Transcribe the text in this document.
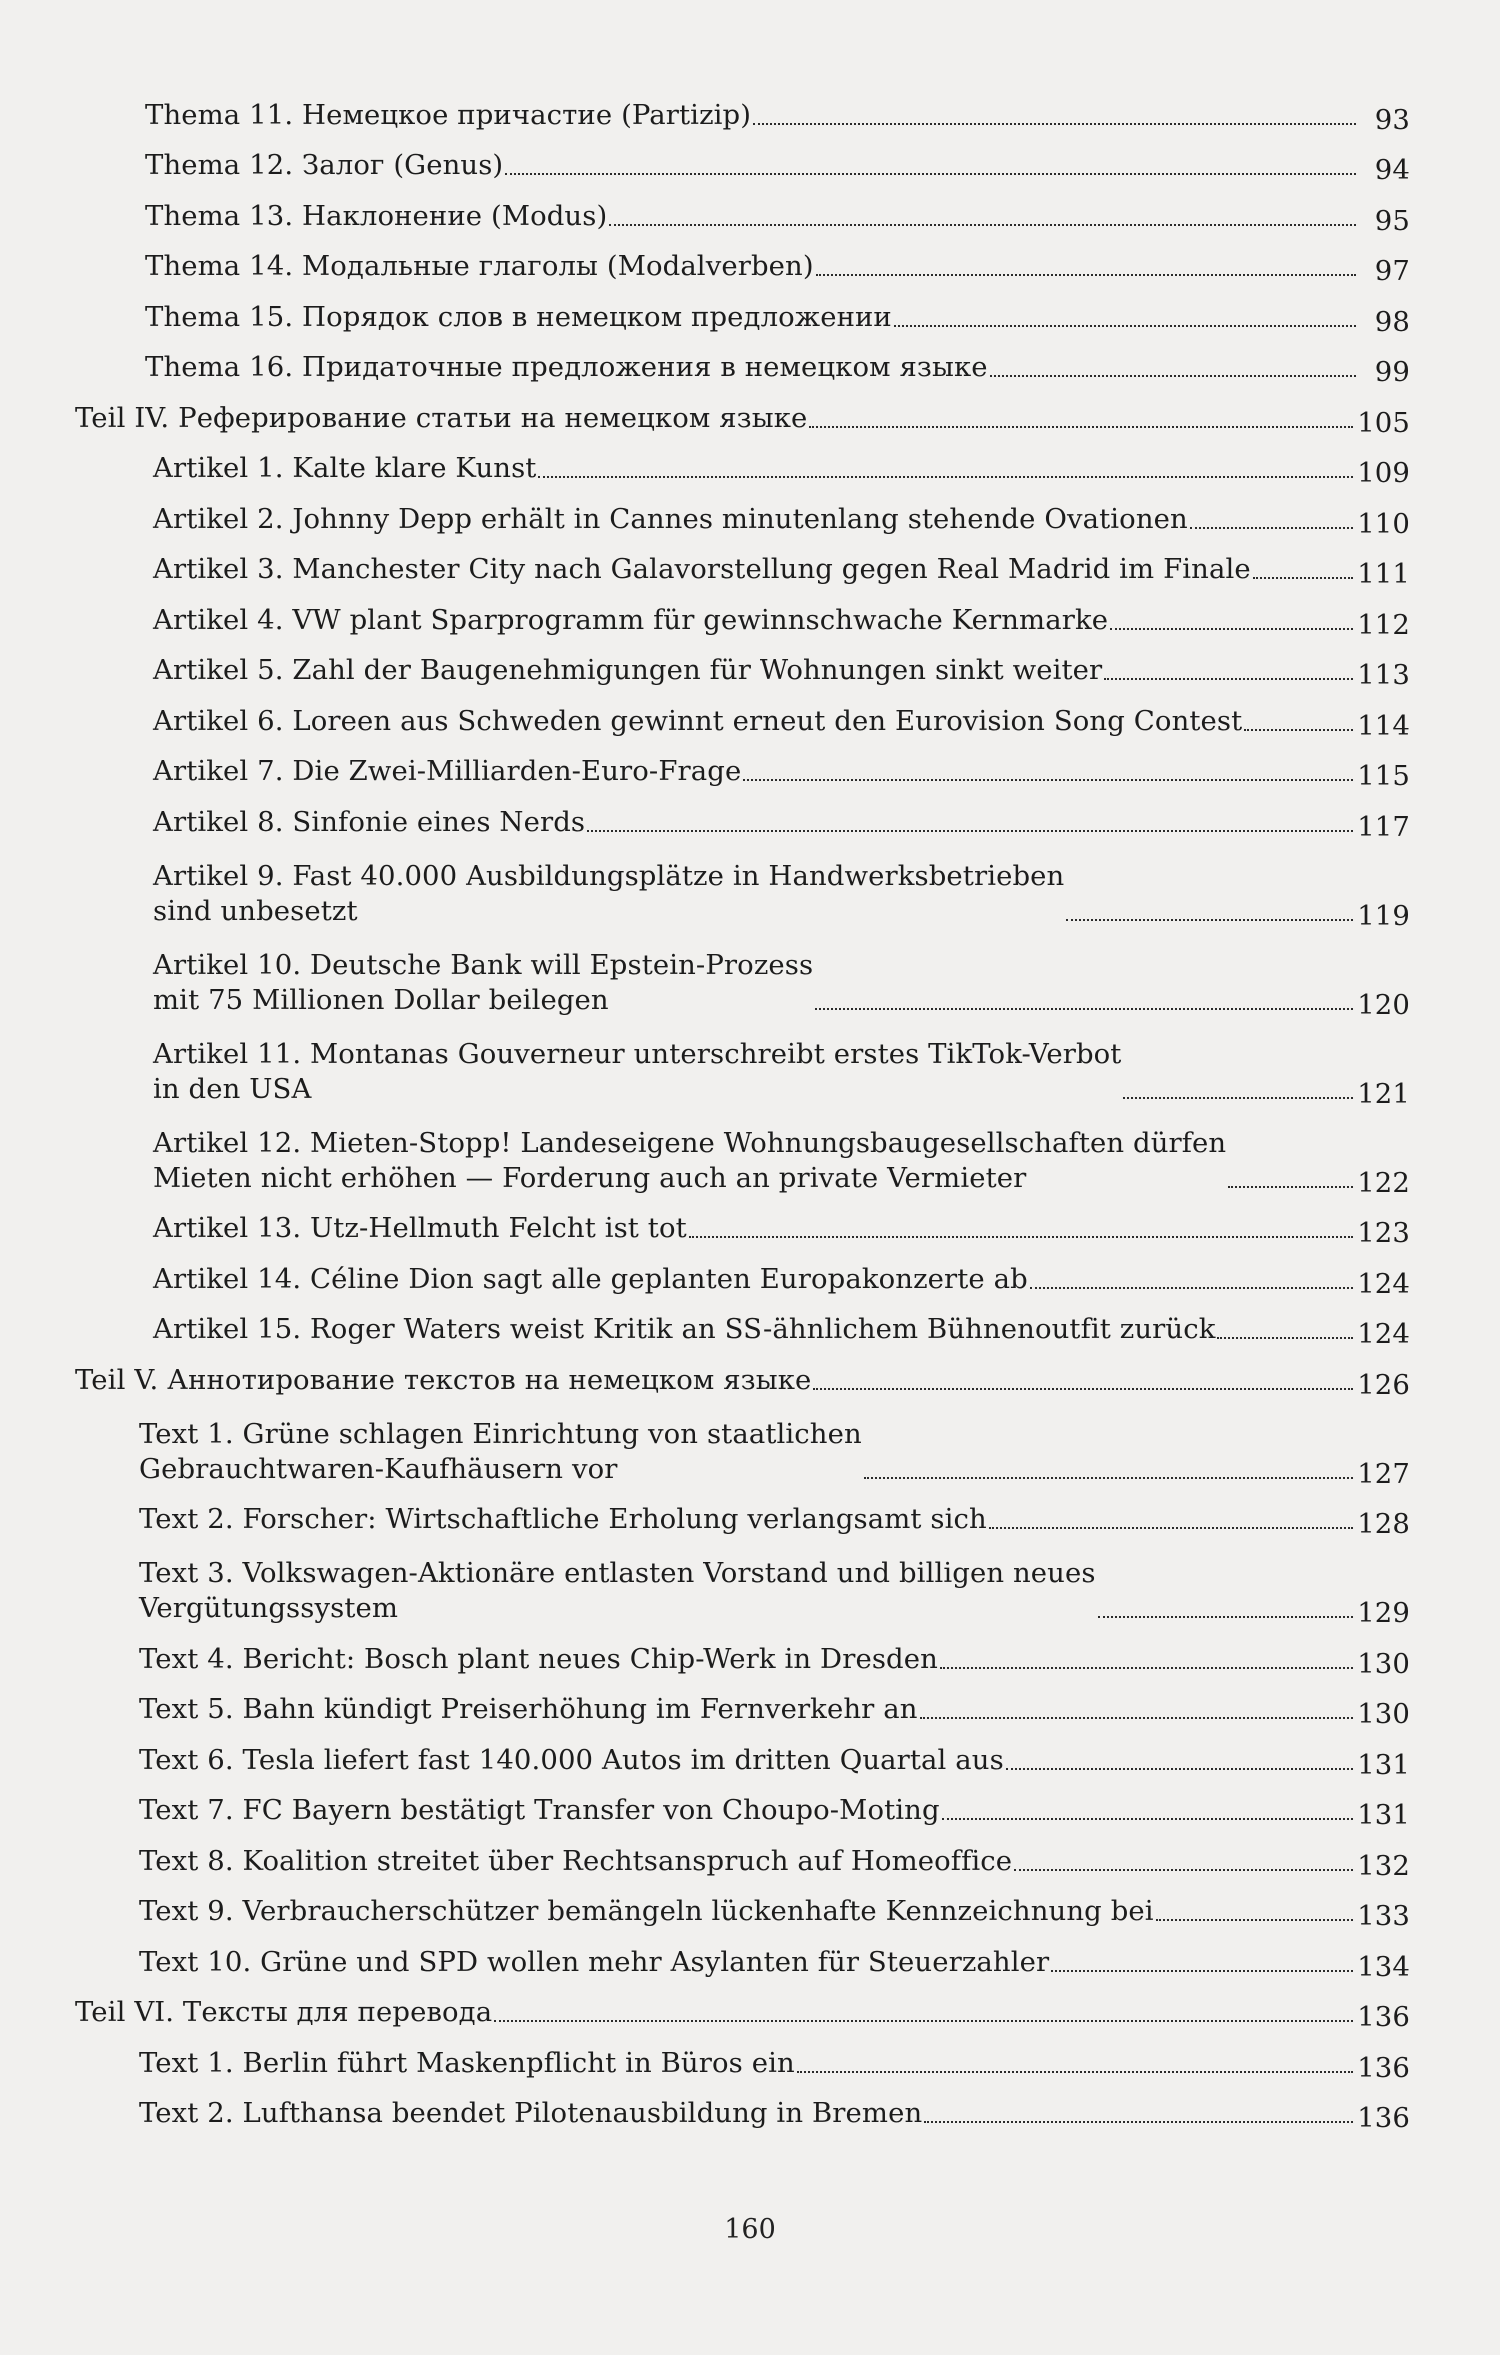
Thema 11. Немецкое причастие (Partizip)	93
Thema 12. Залог (Genus)	94
Thema 13. Наклонение (Modus)	95
Thema 14. Модальные глаголы (Modalverben)	97
Thema 15. Порядок слов в немецком предложении	98
Thema 16. Придаточные предложения в немецком языке	99
Teil IV. Реферирование статьи на немецком языке	105
Artikel 1. Kalte klare Kunst	109
Artikel 2. Johnny Depp erhält in Cannes minutenlang stehende Ovationen	110
Artikel 3. Manchester City nach Galavorstellung gegen Real Madrid im Finale	111
Artikel 4. VW plant Sparprogramm für gewinnschwache Kernmarke	112
Artikel 5. Zahl der Baugenehmigungen für Wohnungen sinkt weiter	113
Artikel 6. Loreen aus Schweden gewinnt erneut den Eurovision Song Contest	114
Artikel 7. Die Zwei-Milliarden-Euro-Frage	115
Artikel 8. Sinfonie eines Nerds	117
Artikel 9. Fast 40.000 Ausbildungsplätze in Handwerksbetrieben
sind unbesetzt	119
Artikel 10. Deutsche Bank will Epstein-Prozess
mit 75 Millionen Dollar beilegen	120
Artikel 11. Montanas Gouverneur unterschreibt erstes TikTok-Verbot
in den USA	121
Artikel 12. Mieten-Stopp! Landeseigene Wohnungsbaugesellschaften dürfen
Mieten nicht erhöhen — Forderung auch an private Vermieter	122
Artikel 13. Utz-Hellmuth Felcht ist tot	123
Artikel 14. Céline Dion sagt alle geplanten Europakonzerte ab	124
Artikel 15. Roger Waters weist Kritik an SS-ähnlichem Bühnenoutfit zurück	124
Teil V. Аннотирование текстов на немецком языке	126
Text 1. Grüne schlagen Einrichtung von staatlichen
Gebrauchtwaren-Kaufhäusern vor	127
Text 2. Forscher: Wirtschaftliche Erholung verlangsamt sich	128
Text 3. Volkswagen-Aktionäre entlasten Vorstand und billigen neues
Vergütungssystem	129
Text 4. Bericht: Bosch plant neues Chip-Werk in Dresden	130
Text 5. Bahn kündigt Preiserhöhung im Fernverkehr an	130
Text 6. Tesla liefert fast 140.000 Autos im dritten Quartal aus	131
Text 7. FC Bayern bestätigt Transfer von Choupo-Moting	131
Text 8. Koalition streitet über Rechtsanspruch auf Homeoffice	132
Text 9. Verbraucherschützer bemängeln lückenhafte Kennzeichnung bei	133
Text 10. Grüne und SPD wollen mehr Asylanten für Steuerzahler	134
Teil VI. Тексты для перевода	136
Text 1. Berlin führt Maskenpflicht in Büros ein	136
Text 2. Lufthansa beendet Pilotenausbildung in Bremen	136
160
